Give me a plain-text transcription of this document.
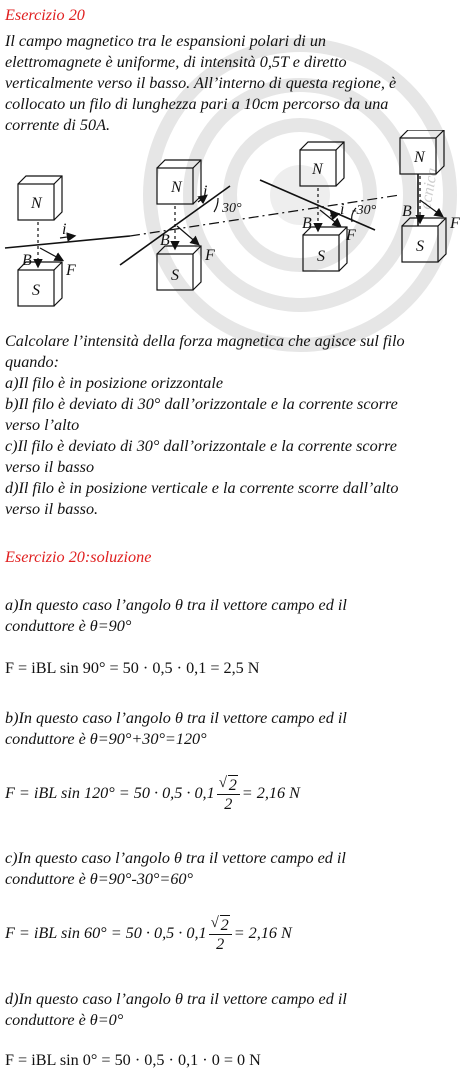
ecnica
Esercizio 20
Il campo magnetico tra le espansioni polari di un
elettromagnete è uniforme, di intensità 0,5T e diretto
verticalmente verso il basso. All’interno di questa regione, è
collocato un filo di lunghezza pari a 10cm percorso da una
corrente di 50A.
N
S
B
F
i
N
S
B
F
i
30°
N
S
B
F
i -30°
N
S
B
F
Calcolare l’intensità della forza magnetica che agisce sul filo
quando:
a)Il filo è in posizione orizzontale
b)Il filo è deviato di 30° dall’orizzontale e la corrente scorre
verso l’alto
c)Il filo è deviato di 30° dall’orizzontale e la corrente scorre
verso il basso
d)Il filo è in posizione verticale e la corrente scorre dall’alto
verso il basso.
Esercizio 20:soluzione
a)In questo caso l’angolo θ tra il vettore campo ed il
conduttore è θ=90°
F = iBL sin 90° = 50 · 0,5 · 0,1 = 2,5 N
b)In questo caso l’angolo θ tra il vettore campo ed il
conduttore è θ=90°+30°=120°
F = iBL $\sin 120^\circ = 50 \cdot 0,5 \cdot 0,1 \frac{√ 2}{2} = 2,16$ N
c)In questo caso l’angolo θ tra il vettore campo ed il
conduttore è θ=90°-30°=60°
F = iBL $\sin 60^\circ = 50 \cdot 0,5 \cdot 0,1 \frac{√ 2}{2} = 2,16$ N
d)In questo caso l’angolo θ tra il vettore campo ed il
conduttore è θ=0°
F = iBL sin 0° = 50 · 0,5 · 0,1 · 0 = 0 N
